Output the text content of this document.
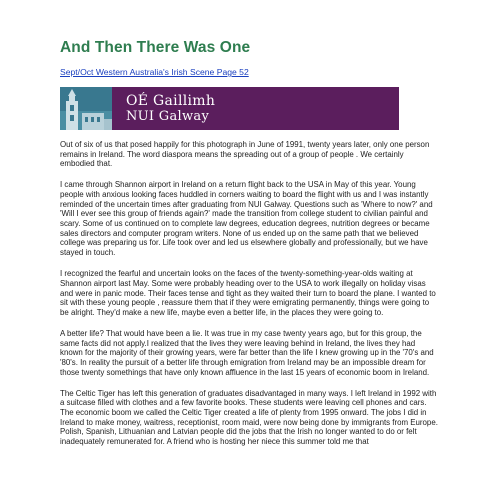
And Then There Was One
Sept/Oct Western Australia's Irish Scene Page 52
OÉ Gaillimh
NUI Galway

Out of six of us that posed happily for this photograph in June of 1991, twenty years later, only one person remains in Ireland. The word diaspora means the spreading out of a group of people . We certainly embodied that.

I came through Shannon airport in Ireland on a return flight back to the USA in May of this year. Young people with anxious looking faces huddled in corners waiting to board the flight with us and I was instantly reminded of the uncertain times after graduating from NUI Galway. Questions such as 'Where to now?' and 'Will I ever see this group of friends again?' made the transition from college student to civilian painful and scary. Some of us continued on to complete law degrees, education degrees, nutrition degrees or became sales directors and computer program writers. None of us ended up on the same path that we believed college was preparing us for. Life took over and led us elsewhere globally and professionally, but we have stayed in touch.

I recognized the fearful and uncertain looks on the faces of the twenty-something-year-olds waiting at Shannon airport last May. Some were probably heading over to the USA to work illegally on holiday visas and were in panic mode. Their faces tense and tight as they waited their turn to board the plane. I wanted to sit with these young people , reassure them that if they were emigrating permanently, things were going to be alright. They'd make a new life, maybe even a better life, in the places they were going to.

A better life? That would have been a lie. It was true in my case twenty years ago, but for this group, the same facts did not apply.I realized that the lives they were leaving behind in Ireland, the lives they had known for the majority of their growing years, were far better than the life I knew growing up in the '70's and '80's. In reality the pursuit of a better life through emigration from Ireland may be an impossible dream for those twenty somethings that have only known affluence in the last 15 years of economic boom in Ireland.

The Celtic Tiger has left this generation of graduates disadvantaged in many ways. I left Ireland in 1992 with a suitcase filled with clothes and a few favorite books. These students were leaving cell phones and cars. The economic boom we called the Celtic Tiger created a life of plenty from 1995 onward. The jobs I did in Ireland to make money, waitress, receptionist, room maid, were now being done by immigrants from Europe. Polish, Spanish, Lithuanian and Latvian people did the jobs that the Irish no longer wanted to do or felt inadequately remunerated for. A friend who is hosting her niece this summer told me that
